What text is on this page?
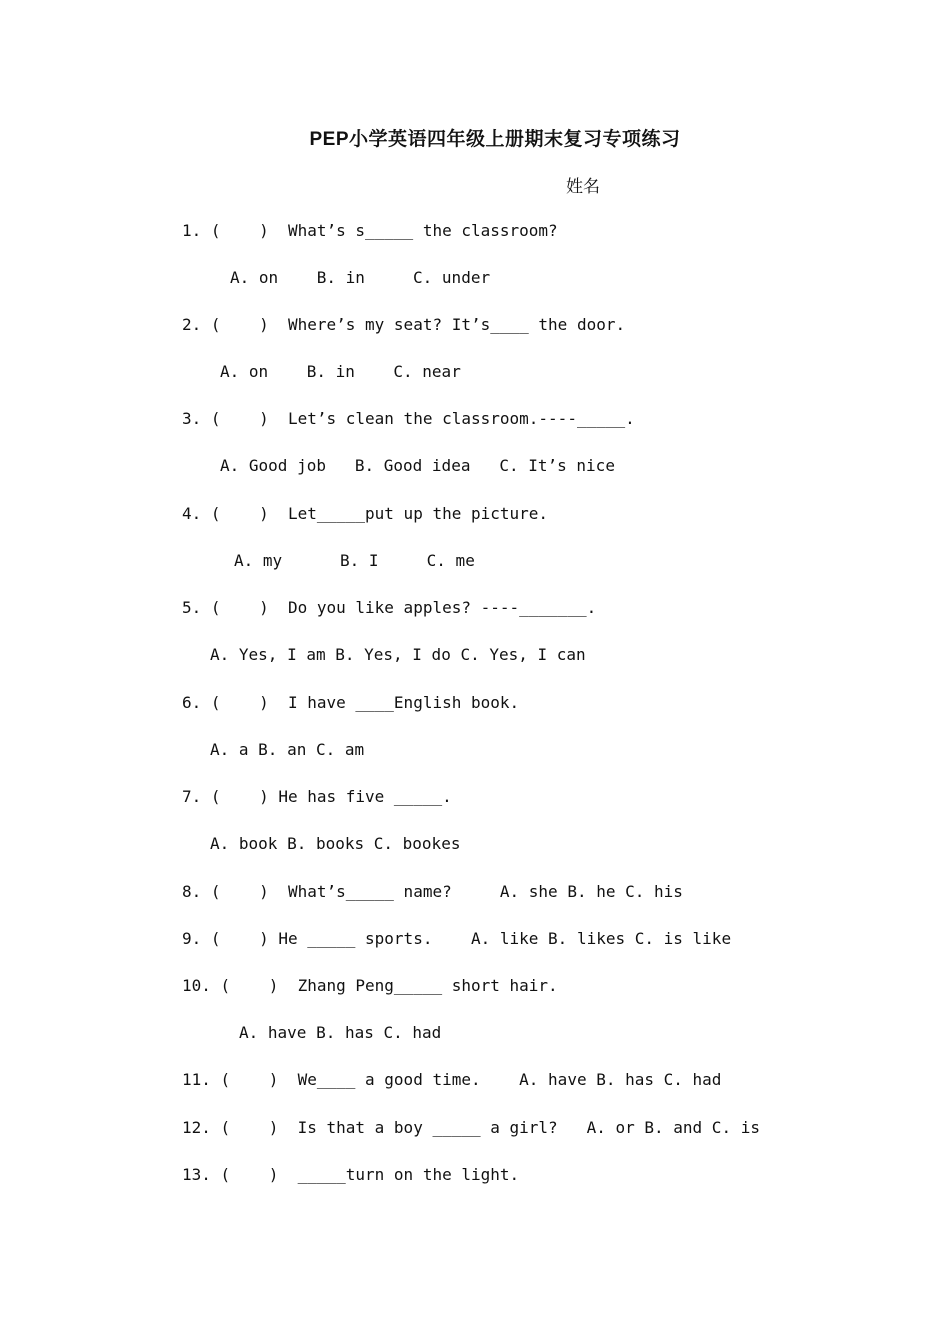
PEP小学英语四年级上册期末复习专项练习
姓名
1. (    )  What’s s_____ the classroom?
A. on    B. in     C. under
2. (    )  Where’s my seat? It’s____ the door.
A. on    B. in    C. near
3. (    )  Let’s clean the classroom.----_____.
A. Good job   B. Good idea   C. It’s nice
4. (    )  Let_____put up the picture.
A. my      B. I     C. me
5. (    )  Do you like apples? ----_______.
A. Yes, I am B. Yes, I do C. Yes, I can
6. (    )  I have ____English book.
A. a B. an C. am
7. (    ) He has five _____.
A. book B. books C. bookes
8. (    )  What’s_____ name?     A. she B. he C. his
9. (    ) He _____ sports.    A. like B. likes C. is like
10. (    )  Zhang Peng_____ short hair.
A. have B. has C. had
11. (    )  We____ a good time.    A. have B. has C. had
12. (    )  Is that a boy _____ a girl?   A. or B. and C. is
13. (    )  _____turn on the light.
